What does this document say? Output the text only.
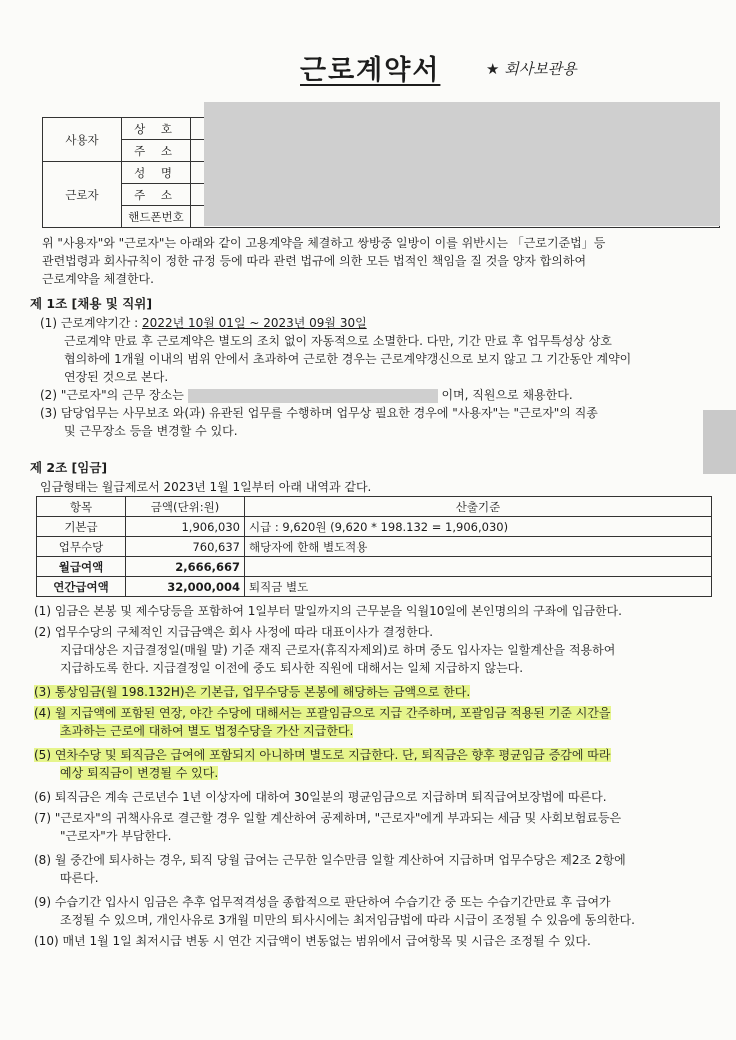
근로계약서	★ 회사보관용
사용자	상 호	
	주 소	
근로자	성 명	
	주 소	
	핸드폰번호	
위 "사용자"와 "근로자"는 아래와 같이 고용계약을 체결하고 쌍방중 일방이 이를 위반시는 「근로기준법」등
관련법령과 회사규칙이 정한 규정 등에 따라 관련 법규에 의한 모든 법적인 책임을 질 것을 양자 합의하여
근로계약을 체결한다.
제 1조 [채용 및 직위]
(1) 근로계약기간 : 2022년 10월 01일 ~ 2023년 09월 30일
근로계약 만료 후 근로계약은 별도의 조치 없이 자동적으로 소멸한다. 다만, 기간 만료 후 업무특성상 상호
협의하에 1개월 이내의 범위 안에서 초과하여 근로한 경우는 근로계약갱신으로 보지 않고 그 기간동안 계약이
연장된 것으로 본다.
(2) "근로자"의 근무 장소는	이며, 직원으로 채용한다.
(3) 담당업무는 사무보조 와(과) 유관된 업무를 수행하며 업무상 필요한 경우에 "사용자"는 "근로자"의 직종
및 근무장소 등을 변경할 수 있다.
제 2조 [임금]
임금형태는 월급제로서 2023년 1월 1일부터 아래 내역과 같다.
항목	금액(단위:원)	산출기준
기본급	1,906,030	시급 : 9,620원 (9,620 * 198.132 = 1,906,030)
업무수당	760,637	해당자에 한해 별도적용
월급여액	2,666,667	
연간급여액	32,000,004	퇴직금 별도
(1) 임금은 본봉 및 제수당등을 포함하여 1일부터 말일까지의 근무분을 익월10일에 본인명의의 구좌에 입금한다.
(2) 업무수당의 구체적인 지급금액은 회사 사정에 따라 대표이사가 결정한다.
지급대상은 지급결정일(매월 말) 기준 재직 근로자(휴직자제외)로 하며 중도 입사자는 일할계산을 적용하여
지급하도록 한다. 지급결정일 이전에 중도 퇴사한 직원에 대해서는 일체 지급하지 않는다.
(3) 통상임금(월 198.132H)은 기본급, 업무수당등 본봉에 해당하는 금액으로 한다.
(4) 월 지급액에 포함된 연장, 야간 수당에 대해서는 포괄임금으로 지급 간주하며, 포괄임금 적용된 기준 시간을
초과하는 근로에 대하여 별도 법정수당을 가산 지급한다.
(5) 연차수당 및 퇴직금은 급여에 포함되지 아니하며 별도로 지급한다. 단, 퇴직금은 향후 평균임금 증감에 따라
예상 퇴직금이 변경될 수 있다.
(6) 퇴직금은 계속 근로년수 1년 이상자에 대하여 30일분의 평균임금으로 지급하며 퇴직급여보장법에 따른다.
(7) "근로자"의 귀책사유로 결근할 경우 일할 계산하여 공제하며, "근로자"에게 부과되는 세금 및 사회보험료등은
"근로자"가 부담한다.
(8) 월 중간에 퇴사하는 경우, 퇴직 당월 급여는 근무한 일수만큼 일할 계산하여 지급하며 업무수당은 제2조 2항에
따른다.
(9) 수습기간 입사시 임금은 추후 업무적격성을 종합적으로 판단하여 수습기간 중 또는 수습기간만료 후 급여가
조정될 수 있으며, 개인사유로 3개월 미만의 퇴사시에는 최저임금법에 따라 시급이 조정될 수 있음에 동의한다.
(10) 매년 1월 1일 최저시급 변동 시 연간 지급액이 변동없는 범위에서 급여항목 및 시급은 조정될 수 있다.
